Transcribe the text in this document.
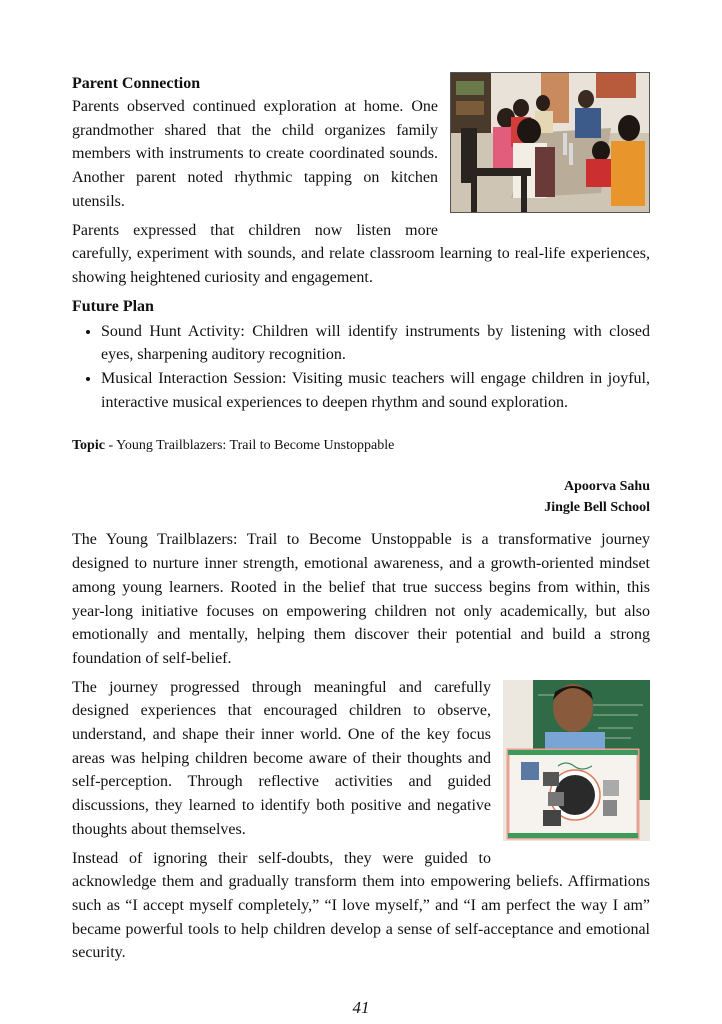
Parent Connection

Parents observed continued exploration at home. One grandmother shared that the child organizes family members with instruments to create coordinated sounds. Another parent noted rhythmic tapping on kitchen utensils.

Parents expressed that children now listen more carefully, experiment with sounds, and relate classroom learning to real-life experiences, showing heightened curiosity and engagement.

Future Plan

• Sound Hunt Activity: Children will identify instruments by listening with closed eyes, sharpening auditory recognition.
• Musical Interaction Session: Visiting music teachers will engage children in joyful, interactive musical experiences to deepen rhythm and sound exploration.

Topic - Young Trailblazers: Trail to Become Unstoppable

Apoorva Sahu
Jingle Bell School

The Young Trailblazers: Trail to Become Unstoppable is a transformative journey designed to nurture inner strength, emotional awareness, and a growth-oriented mindset among young learners. Rooted in the belief that true success begins from within, this year-long initiative focuses on empowering children not only academically, but also emotionally and mentally, helping them discover their potential and build a strong foundation of self-belief.

The journey progressed through meaningful and carefully designed experiences that encouraged children to observe, understand, and shape their inner world. One of the key focus areas was helping children become aware of their thoughts and self-perception. Through reflective activities and guided discussions, they learned to identify both positive and negative thoughts about themselves.

Instead of ignoring their self-doubts, they were guided to acknowledge them and gradually transform them into empowering beliefs. Affirmations such as “I accept myself completely,” “I love myself,” and “I am perfect the way I am” became powerful tools to help children develop a sense of self-acceptance and emotional security.

41
